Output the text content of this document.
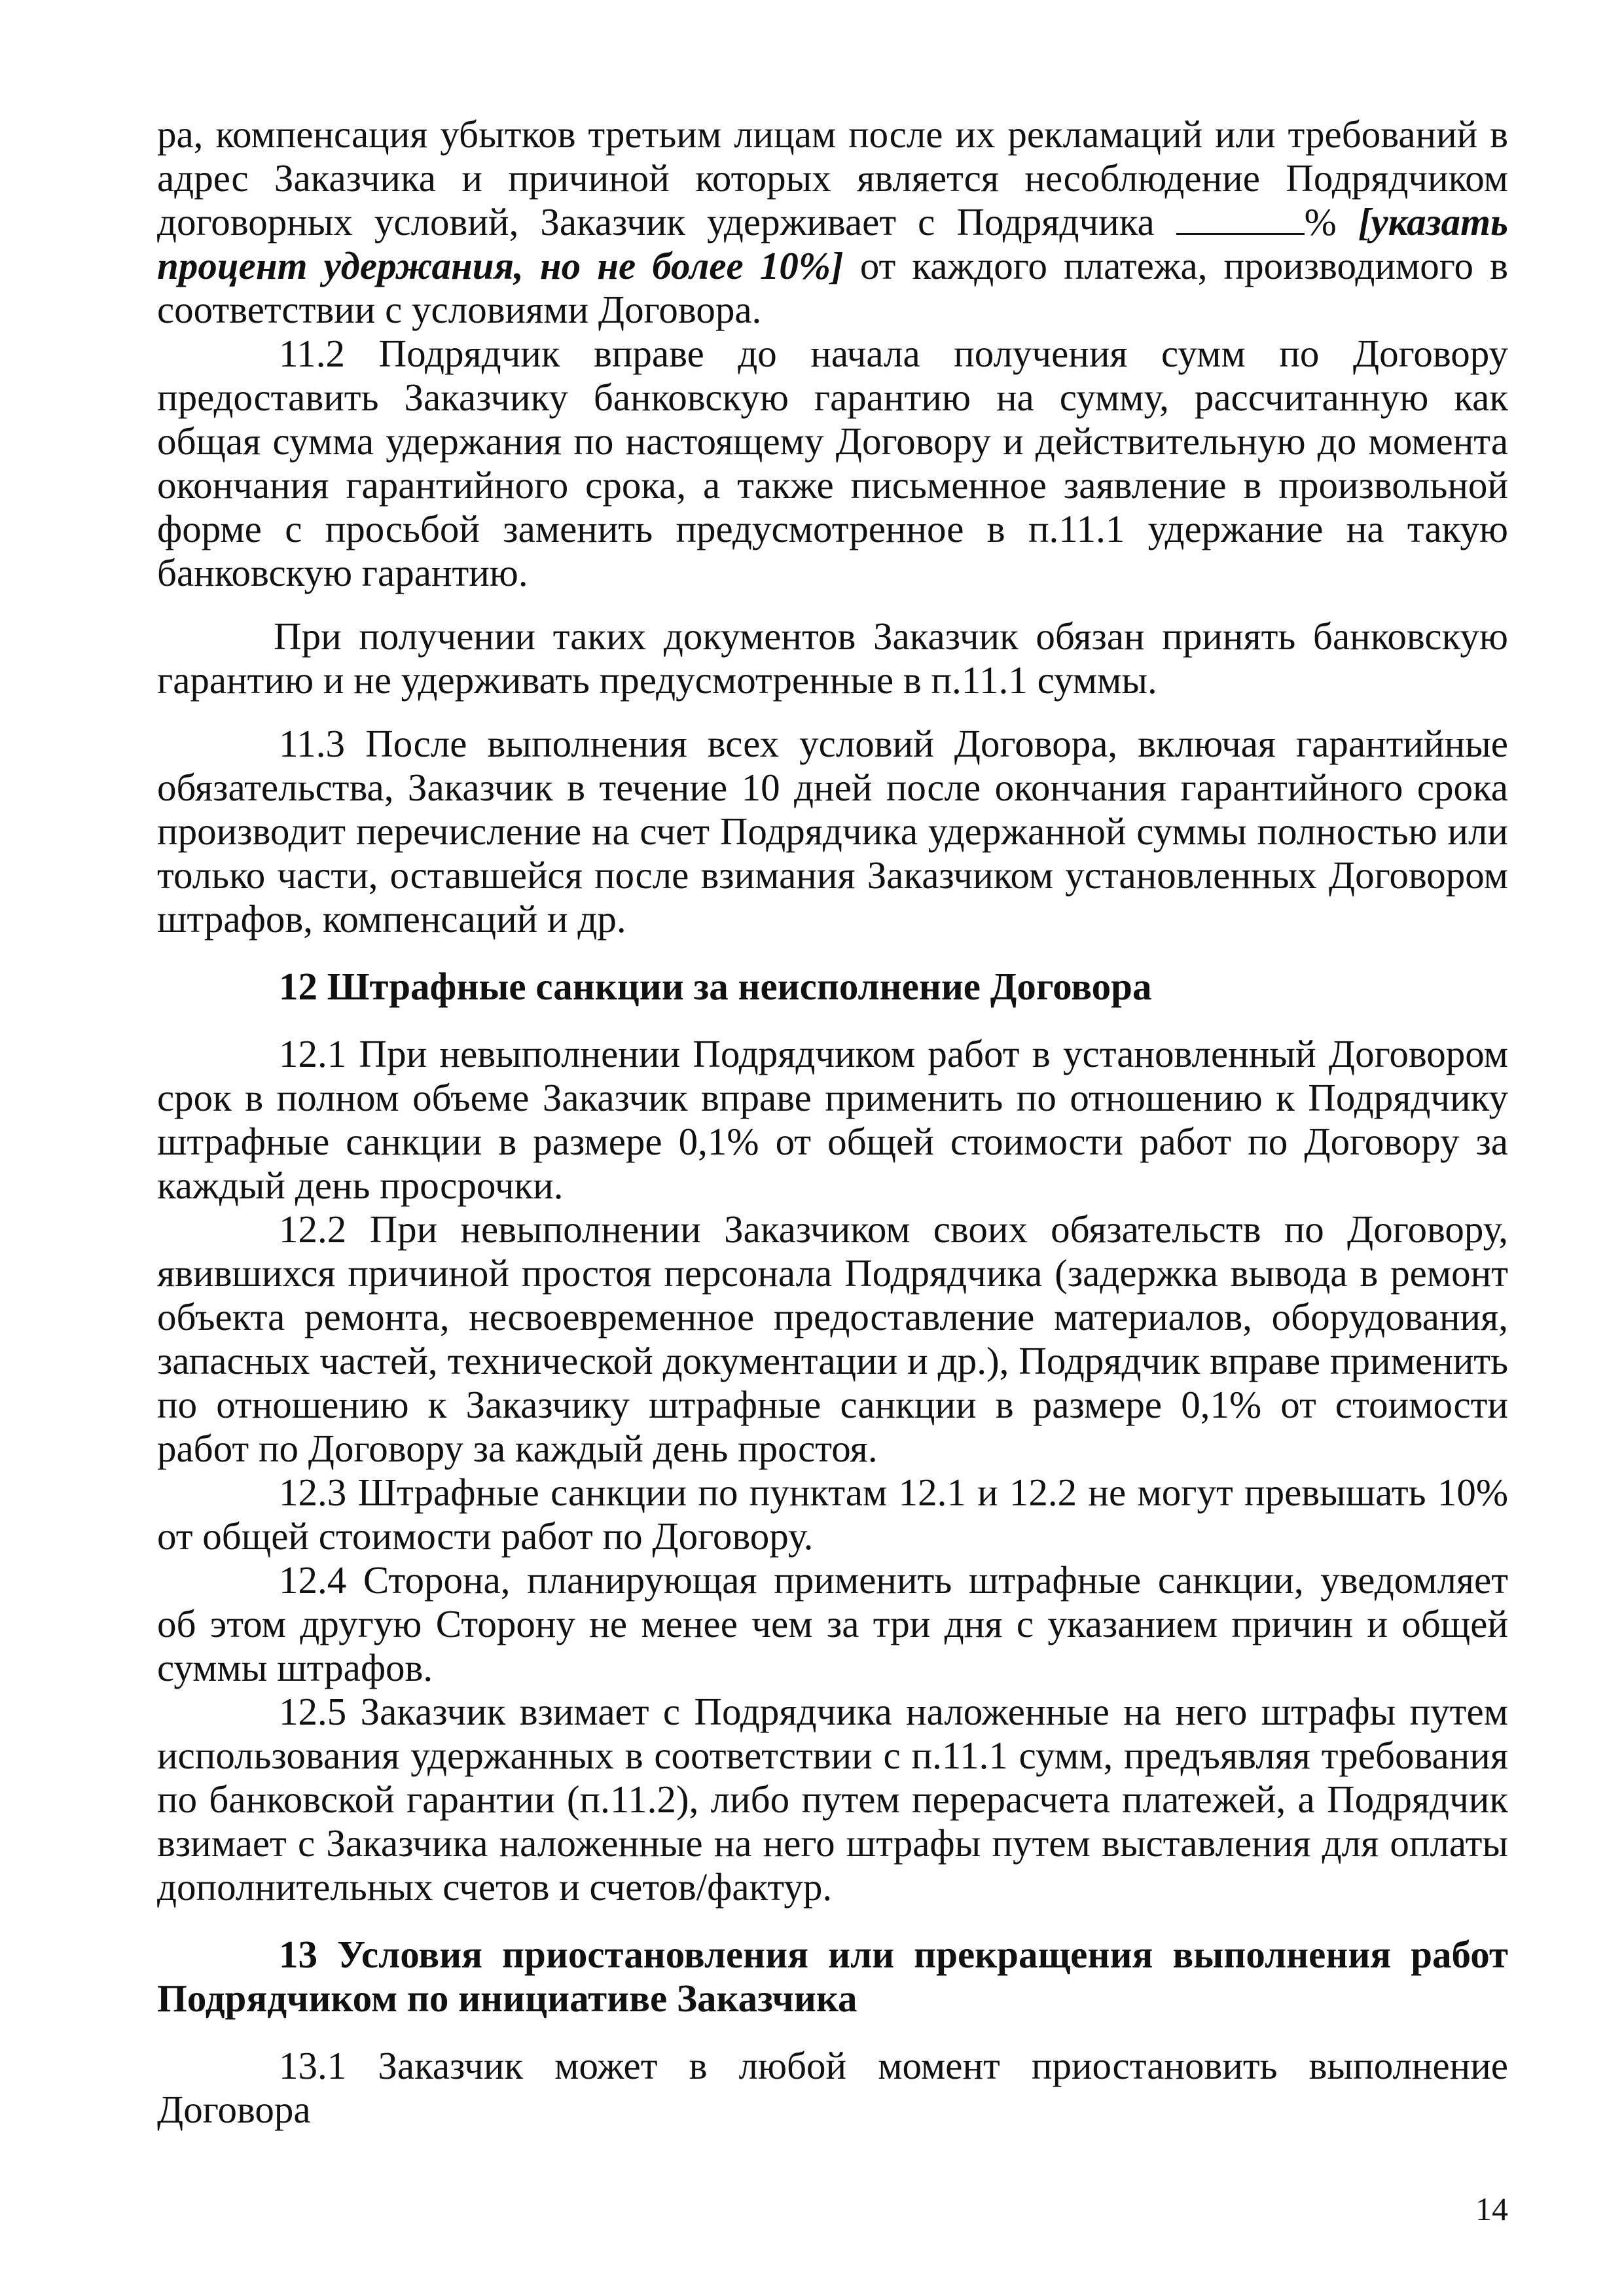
ра, компенсация убытков третьим лицам после их рекламаций или требований в адрес Заказчика и причиной которых является несоблюдение Подрядчиком договорных условий, Заказчик удерживает с Подрядчика	% [указать процент удержания, но не более 10%] от каждого платежа, производимого в соответствии с условиями Договора.

11.2 Подрядчик вправе до начала получения сумм по Договору предоставить Заказчику банковскую гарантию на сумму, рассчитанную как общая сумма удержания по настоящему Договору и действительную до момента окончания гарантийного срока, а также письменное заявление в произвольной форме с просьбой заменить предусмотренное в п.11.1 удержание на такую банковскую гарантию.

При получении таких документов Заказчик обязан принять банковскую гарантию и не удерживать предусмотренные в п.11.1 суммы.

11.3 После выполнения всех условий Договора, включая гарантийные обязательства, Заказчик в течение 10 дней после окончания гарантийного срока производит перечисление на счет Подрядчика удержанной суммы полностью или только части, оставшейся после взимания Заказчиком установленных Договором штрафов, компенсаций и др.

12 Штрафные санкции за неисполнение Договора

12.1 При невыполнении Подрядчиком работ в установленный Договором срок в полном объеме Заказчик вправе применить по отношению к Подрядчику штрафные санкции в размере 0,1% от общей стоимости работ по Договору за каждый день просрочки.

12.2 При невыполнении Заказчиком своих обязательств по Договору, явившихся причиной простоя персонала Подрядчика (задержка вывода в ремонт объекта ремонта, несвоевременное предоставление материалов, оборудования, запасных частей, технической документации и др.), Подрядчик вправе применить по отношению к Заказчику штрафные санкции в размере 0,1% от стоимости работ по Договору за каждый день простоя.

12.3 Штрафные санкции по пунктам 12.1 и 12.2 не могут превышать 10% от общей стоимости работ по Договору.

12.4 Сторона, планирующая применить штрафные санкции, уведомляет об этом другую Сторону не менее чем за три дня с указанием причин и общей суммы штрафов.

12.5 Заказчик взимает с Подрядчика наложенные на него штрафы путем использования удержанных в соответствии с п.11.1 сумм, предъявляя требования по банковской гарантии (п.11.2), либо путем перерасчета платежей, а Подрядчик взимает с Заказчика наложенные на него штрафы путем выставления для оплаты дополнительных счетов и счетов/фактур.

13 Условия приостановления или прекращения выполнения работ Подрядчиком по инициативе Заказчика

13.1 Заказчик может в любой момент приостановить выполнение Договора

14
